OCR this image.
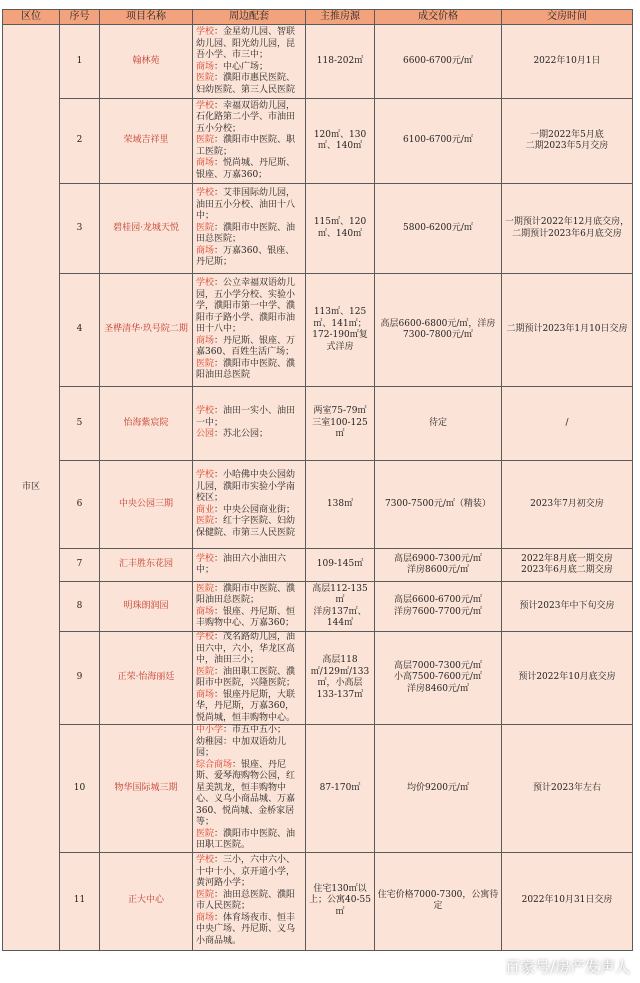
区位	序号	项目名称	周边配套	主推房源	成交价格	交房时间
市区	1	翰林苑	学校：金星幼儿园、智联幼儿园、阳光幼儿园，昆吾小学、市三中；
商场：中心广场；
医院：濮阳市惠民医院、妇幼医院、第三人民医院	118-202㎡	6600-6700元/㎡	2022年10月1日
	2	荣域吉祥里	学校：幸福双语幼儿园，石化路第二小学、市油田五小分校；
医院：濮阳市中医院、职工医院；
商场：悦尚城、丹尼斯、银座、万嘉360；	120㎡、130㎡、140㎡	6100-6700元/㎡	一期2022年5月底
二期2023年5月交房
	3	碧桂园·龙城天悦	学校：艾菲国际幼儿园，油田五小分校、油田十八中；
医院：濮阳市中医院、油田总医院；
商场：万嘉360、银座、丹尼斯；	115㎡、120㎡、140㎡	5800-6200元/㎡	一期预计2022年12月底交房，二期预计2023年6月底交房
	4	圣桦清华·玖号院二期	学校：公立幸福双语幼儿园，五小学分校、实验小学，濮阳市第一中学、濮阳市子路小学、濮阳市油田十八中；
商场：丹尼斯、银座、万嘉360、百姓生活广场；
医院：濮阳市中医院、濮阳油田总医院	113㎡、125㎡、141㎡；172-190㎡复式洋房	高层6600-6800元/㎡，洋房7300-7800元/㎡	二期预计2023年1月10日交房
	5	怡海紫宸院	学校：油田一实小、油田一中；
公园：苏北公园；	两室75-79㎡
三室100-125㎡	待定	/
	6	中央公园三期	学校：小哈佛中央公园幼儿园，濮阳市实验小学南校区；
商业：中央公园商业街；
医院：红十字医院、妇幼保健院、市第三人民医院	138㎡	7300-7500元/㎡（精装）	2023年7月初交房
	7	汇丰胜东花园	学校：油田六小油田六中；	109-145㎡	高层6900-7300元/㎡
洋房8600元/㎡	2022年8月底一期交房
2023年6月底二期交房
	8	明珠朗润园	医院：濮阳市中医院、濮阳油田总医院；
商场：银座、丹尼斯、恒丰购物中心、万嘉360；	高层112-135㎡
洋房137㎡、144㎡	高层6600-6700元/㎡
洋房7600-7700元/㎡	预计2023年中下旬交房
	9	正荣·怡海丽廷	学校：茂名路幼儿园，油田六中，六小，华龙区高中，油田三小；
医院：油田职工医院、濮阳市中医院，兴隆医院；
商场：银座丹尼斯，大联华，丹尼斯，万嘉360，悦尚城，恒丰购物中心。	高层118㎡/129㎡/133㎡，小高层133-137㎡	高层7000-7300元/㎡
小高7500-7600元/㎡
洋房8460元/㎡	预计2022年10月底交房
	10	物华国际城三期	中小学：市五中五小；
幼稚园：中加双语幼儿园；
综合商场：银座、丹尼斯、爱琴海购物公园，红星美凯龙，恒丰购物中心、义乌小商品城、万嘉360、悦尚城、金桥家居等；
医院：濮阳市中医院、油田职工医院。	87-170㎡	均价9200元/㎡	预计2023年左右
	11	正大中心	学校：三小，六中六小、十中十小、京开道小学，黄河路小学；
医院：油田总医院、濮阳市人民医院；
商场：体育场夜市、恒丰中央广场、丹尼斯、义乌小商品城。	住宅130㎡以上；公寓40-55㎡	住宅价格7000-7300，公寓待定	2022年10月31日交房
百家号/房产发声人
